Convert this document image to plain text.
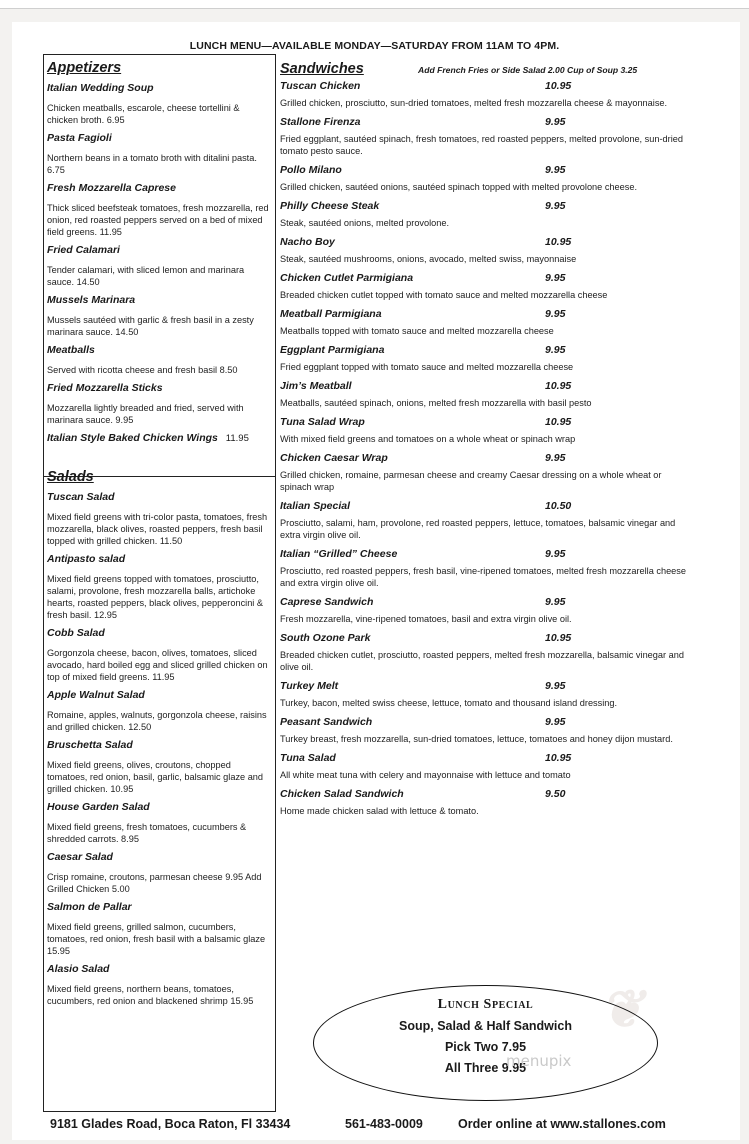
❦
LUNCH MENU—AVAILABLE MONDAY—SATURDAY FROM 11AM TO 4PM.
Appetizers
Italian Wedding Soup
Chicken meatballs, escarole, cheese tortellini & chicken broth. 6.95
Pasta Fagioli
Northern beans in a tomato broth with ditalini pasta. 6.75
Fresh Mozzarella Caprese
Thick sliced beefsteak tomatoes, fresh mozzarella, red onion, red roasted peppers served on a bed of mixed field greens. 11.95
Fried Calamari
Tender calamari, with sliced lemon and marinara sauce. 14.50
Mussels Marinara
Mussels sautéed with garlic & fresh basil in a zesty marinara sauce. 14.50
Meatballs
Served with ricotta cheese and fresh basil 8.50
Fried Mozzarella Sticks
Mozzarella lightly breaded and fried, served with marinara sauce. 9.95
Italian Style Baked Chicken Wings 11.95
Salads
Tuscan Salad
Mixed field greens with tri-color pasta, tomatoes, fresh mozzarella, black olives, roasted peppers, fresh basil topped with grilled chicken. 11.50
Antipasto salad
Mixed field greens topped with tomatoes, prosciutto, salami, provolone, fresh mozzarella balls, artichoke hearts, roasted peppers, black olives, pepperoncini & fresh basil. 12.95
Cobb Salad
Gorgonzola cheese, bacon, olives, tomatoes, sliced avocado, hard boiled egg and sliced grilled chicken on top of mixed field greens. 11.95
Apple Walnut Salad
Romaine, apples, walnuts, gorgonzola cheese, raisins and grilled chicken. 12.50
Bruschetta Salad
Mixed field greens, olives, croutons, chopped tomatoes, red onion, basil, garlic, balsamic glaze and grilled chicken. 10.95
House Garden Salad
Mixed field greens, fresh tomatoes, cucumbers & shredded carrots. 8.95
Caesar Salad
Crisp romaine, croutons, parmesan cheese 9.95 Add Grilled Chicken 5.00
Salmon de Pallar
Mixed field greens, grilled salmon, cucumbers, tomatoes, red onion, fresh basil with a balsamic glaze 15.95
Alasio Salad
Mixed field greens, northern beans, tomatoes, cucumbers, red onion and blackened shrimp 15.95
Sandwiches	Add French Fries or Side Salad 2.00 Cup of Soup 3.25
Tuscan Chicken	10.95
Grilled chicken, prosciutto, sun-dried tomatoes, melted fresh mozzarella cheese & mayonnaise.
Stallone Firenza	9.95
Fried eggplant, sautéed spinach, fresh tomatoes, red roasted peppers, melted provolone, sun-dried tomato pesto sauce.
Pollo Milano	9.95
Grilled chicken, sautéed onions, sautéed spinach topped with melted provolone cheese.
Philly Cheese Steak	9.95
Steak, sautéed onions, melted provolone.
Nacho Boy	10.95
Steak, sautéed mushrooms, onions, avocado, melted swiss, mayonnaise
Chicken Cutlet Parmigiana	9.95
Breaded chicken cutlet topped with tomato sauce and melted mozzarella cheese
Meatball Parmigiana	9.95
Meatballs topped with tomato sauce and melted mozzarella cheese
Eggplant Parmigiana	9.95
Fried eggplant topped with tomato sauce and melted mozzarella cheese
Jim’s Meatball	10.95
Meatballs, sautéed spinach, onions, melted fresh mozzarella with basil pesto
Tuna Salad Wrap	10.95
With mixed field greens and tomatoes on a whole wheat or spinach wrap
Chicken Caesar Wrap	9.95
Grilled chicken, romaine, parmesan cheese and creamy Caesar dressing on a whole wheat or spinach wrap
Italian Special	10.50
Prosciutto, salami, ham, provolone, red roasted peppers, lettuce, tomatoes, balsamic vinegar and extra virgin olive oil.
Italian “Grilled” Cheese	9.95
Prosciutto, red roasted peppers, fresh basil, vine-ripened tomatoes, melted fresh mozzarella cheese and extra virgin olive oil.
Caprese Sandwich	9.95
Fresh mozzarella, vine-ripened tomatoes, basil and extra virgin olive oil.
South Ozone Park	10.95
Breaded chicken cutlet, prosciutto, roasted peppers, melted fresh mozzarella, balsamic vinegar and olive oil.
Turkey Melt	9.95
Turkey, bacon, melted swiss cheese, lettuce, tomato and thousand island dressing.
Peasant Sandwich	9.95
Turkey breast, fresh mozzarella, sun-dried tomatoes, lettuce, tomatoes and honey dijon mustard.
Tuna Salad	10.95
All white meat tuna with celery and mayonnaise with lettuce and tomato
Chicken Salad Sandwich	9.50
Home made chicken salad with lettuce & tomato.
Lunch Special
Soup, Salad & Half Sandwich
Pick Two 7.95
All Three 9.95
menupix
9181 Glades Road, Boca Raton, Fl 33434	561-483-0009	Order online at www.stallones.com
